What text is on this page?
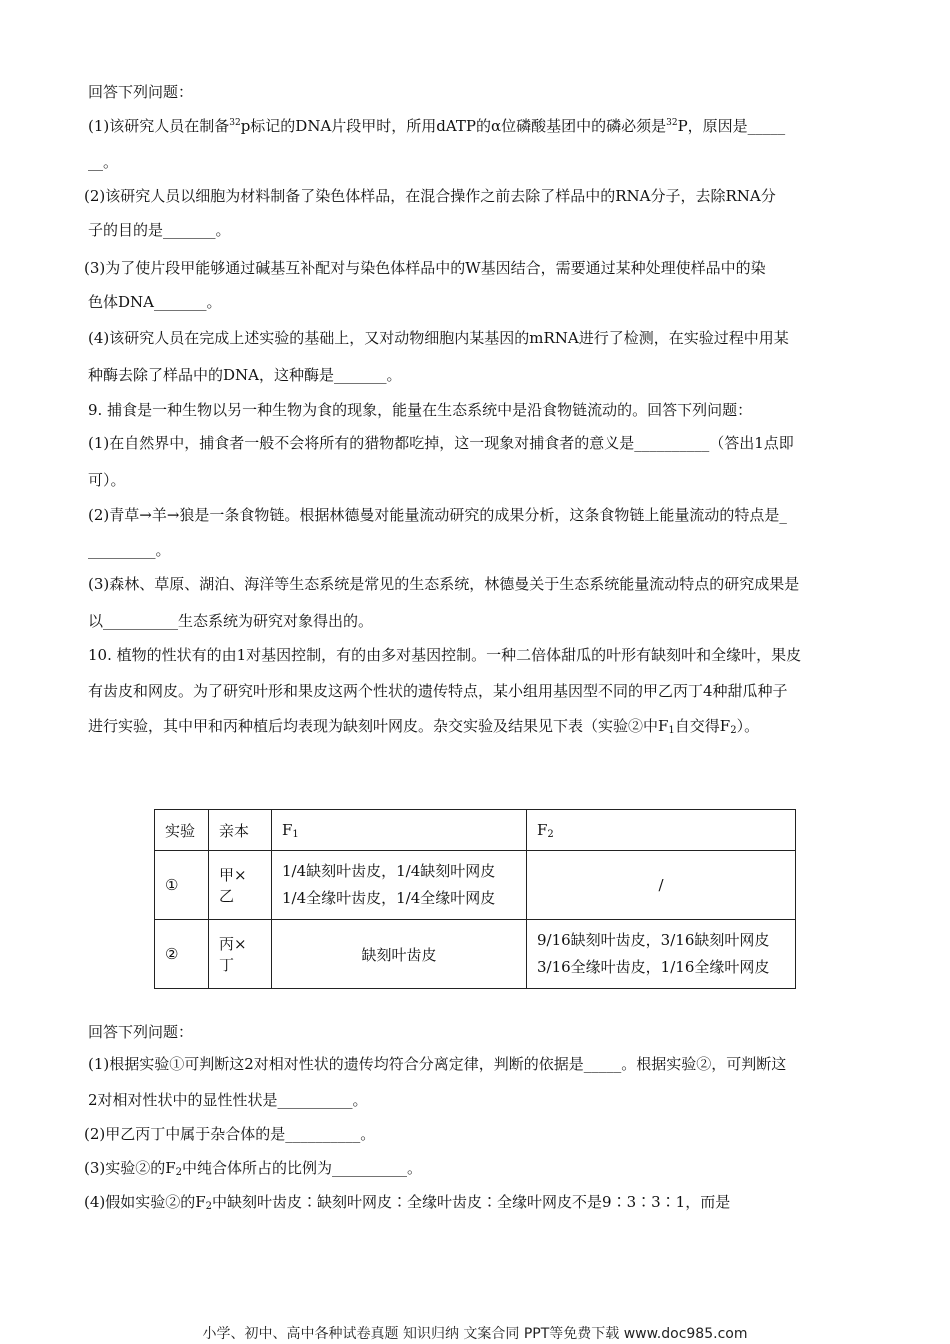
回答下列问题：
(1)该研究人员在制备$^{32}$p标记的DNA片段甲时，所用dATP的α位磷酸基团中的磷必须是$^{32}$P，原因是_____
__。
(2)该研究人员以细胞为材料制备了染色体样品，在混合操作之前去除了样品中的RNA分子，去除RNA分
子的目的是_______。
(3)为了使片段甲能够通过碱基互补配对与染色体样品中的W基因结合，需要通过某种处理使样品中的染
色体DNA_______。
(4)该研究人员在完成上述实验的基础上，又对动物细胞内某基因的mRNA进行了检测，在实验过程中用某
种酶去除了样品中的DNA，这种酶是_______。
9. 捕食是一种生物以另一种生物为食的现象，能量在生态系统中是沿食物链流动的。回答下列问题：
(1)在自然界中，捕食者一般不会将所有的猎物都吃掉，这一现象对捕食者的意义是__________（答出1点即
可）。
(2)青草→羊→狼是一条食物链。根据林德曼对能量流动研究的成果分析，这条食物链上能量流动的特点是_
_________。
(3)森林、草原、湖泊、海洋等生态系统是常见的生态系统，林德曼关于生态系统能量流动特点的研究成果是
以__________生态系统为研究对象得出的。
10. 植物的性状有的由1对基因控制，有的由多对基因控制。一种二倍体甜瓜的叶形有缺刻叶和全缘叶，果皮
有齿皮和网皮。为了研究叶形和果皮这两个性状的遗传特点，某小组用基因型不同的甲乙丙丁4种甜瓜种子
进行实验，其中甲和丙种植后均表现为缺刻叶网皮。杂交实验及结果见下表（实验②中$F_1$自交得$F_2$）。
实验	亲本	$F_1$	$F_2$
①	甲×乙	1/4缺刻叶齿皮，1/4缺刻叶网皮
1/4全缘叶齿皮，1/4全缘叶网皮	/
②	丙×丁	缺刻叶齿皮	9/16缺刻叶齿皮，3/16缺刻叶网皮
3/16全缘叶齿皮，1/16全缘叶网皮
回答下列问题：
(1)根据实验①可判断这2对相对性状的遗传均符合分离定律，判断的依据是_____。根据实验②，可判断这
2对相对性状中的显性性状是__________。
(2)甲乙丙丁中属于杂合体的是__________。
(3)实验②的$F_2$中纯合体所占的比例为__________。
(4)假如实验②的$F_2$中缺刻叶齿皮∶缺刻叶网皮∶全缘叶齿皮∶全缘叶网皮不是9∶3∶3∶1，而是
小学、初中、高中各种试卷真题 知识归纳 文案合同 PPT等免费下载 www.doc985.com
